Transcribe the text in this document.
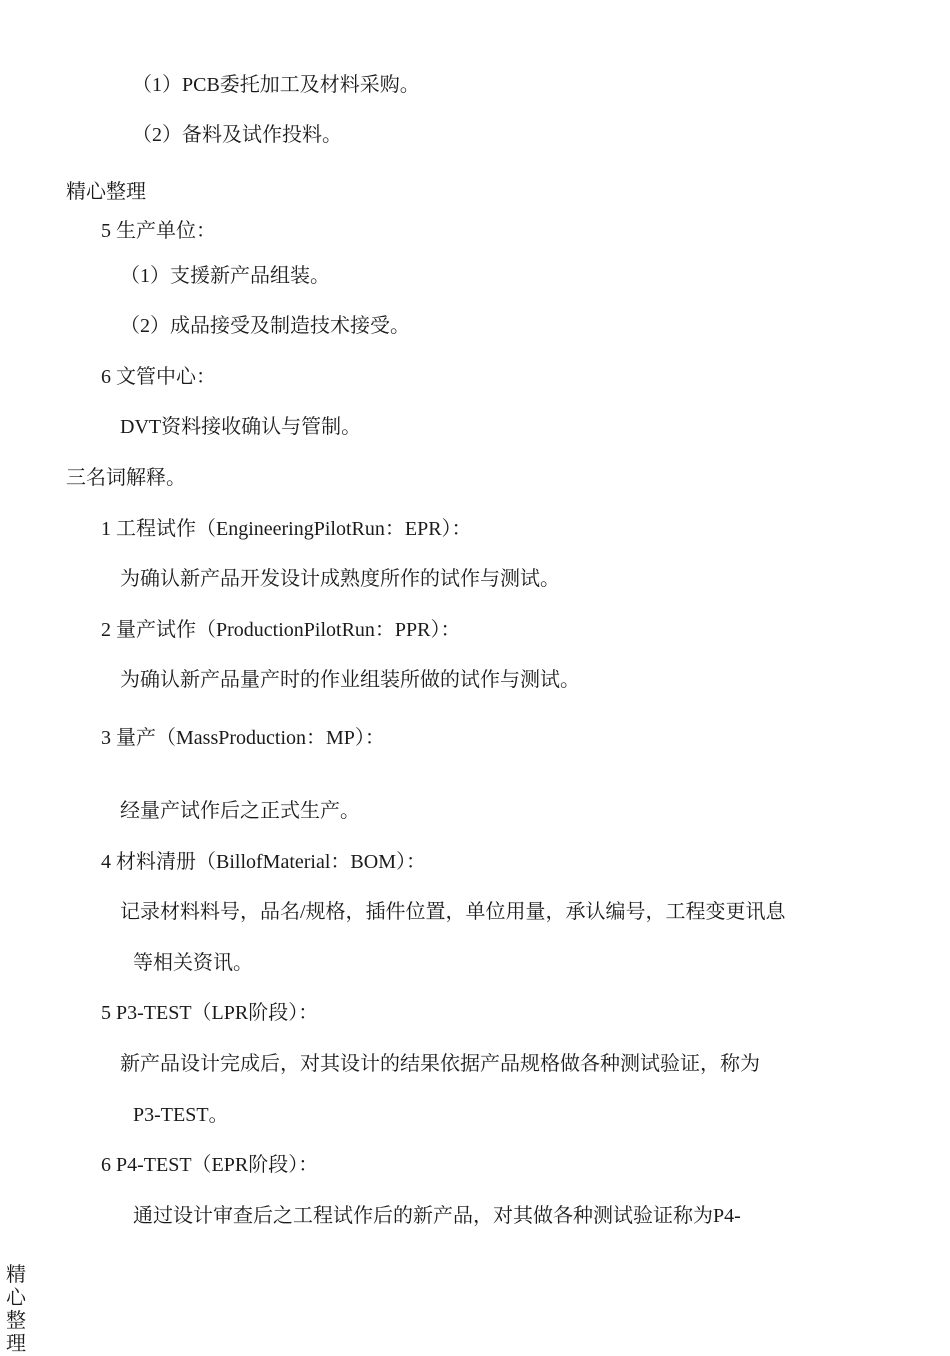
（1）PCB委托加工及材料采购。
（2）备料及试作投料。
精心整理
5 生产单位：
（1）支援新产品组装。
（2）成品接受及制造技术接受。
6 文管中心：
DVT资料接收确认与管制。
三名词解释。
1 工程试作（EngineeringPilotRun：EPR）：
为确认新产品开发设计成熟度所作的试作与测试。
2 量产试作（ProductionPilotRun：PPR）：
为确认新产品量产时的作业组装所做的试作与测试。
3 量产（MassProduction：MP）：
经量产试作后之正式生产。
4 材料清册（BillofMaterial：BOM）：
记录材料料号，品名/规格，插件位置，单位用量，承认编号，工程变更讯息
等相关资讯。
5 P3-TEST（LPR阶段）：
新产品设计完成后，对其设计的结果依据产品规格做各种测试验证，称为
P3-TEST。
6 P4-TEST（EPR阶段）：
通过设计审查后之工程试作后的新产品，对其做各种测试验证称为P4-
精心整理
